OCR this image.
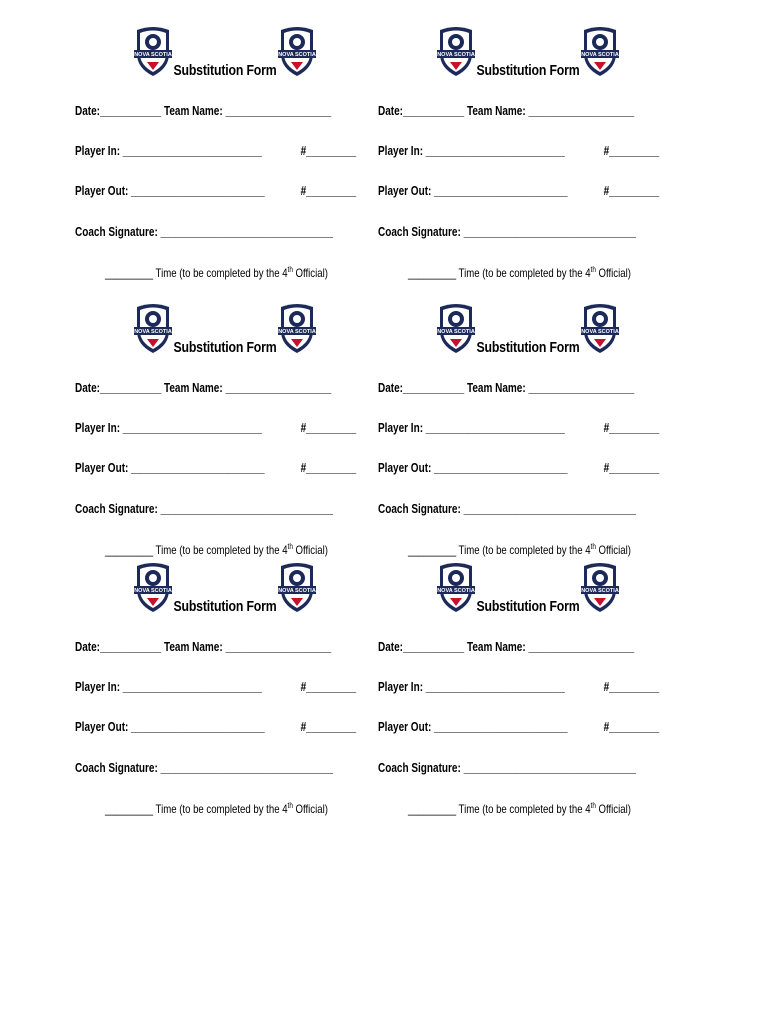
NOVA SCOTIA	NOVA SCOTIA
Substitution Form
Date:___________ Team Name: ___________________
Player In: _________________________	#_________
Player Out: ________________________	#_________
Coach Signature: _______________________________
_________ Time (to be completed by the 4th Official)
NOVA SCOTIA	NOVA SCOTIA
Substitution Form
Date:___________ Team Name: ___________________
Player In: _________________________	#_________
Player Out: ________________________	#_________
Coach Signature: _______________________________
_________ Time (to be completed by the 4th Official)
NOVA SCOTIA	NOVA SCOTIA
Substitution Form
Date:___________ Team Name: ___________________
Player In: _________________________	#_________
Player Out: ________________________	#_________
Coach Signature: _______________________________
_________ Time (to be completed by the 4th Official)
NOVA SCOTIA	NOVA SCOTIA
Substitution Form
Date:___________ Team Name: ___________________
Player In: _________________________	#_________
Player Out: ________________________	#_________
Coach Signature: _______________________________
_________ Time (to be completed by the 4th Official)
NOVA SCOTIA	NOVA SCOTIA
Substitution Form
Date:___________ Team Name: ___________________
Player In: _________________________	#_________
Player Out: ________________________	#_________
Coach Signature: _______________________________
_________ Time (to be completed by the 4th Official)
NOVA SCOTIA	NOVA SCOTIA
Substitution Form
Date:___________ Team Name: ___________________
Player In: _________________________	#_________
Player Out: ________________________	#_________
Coach Signature: _______________________________
_________ Time (to be completed by the 4th Official)
